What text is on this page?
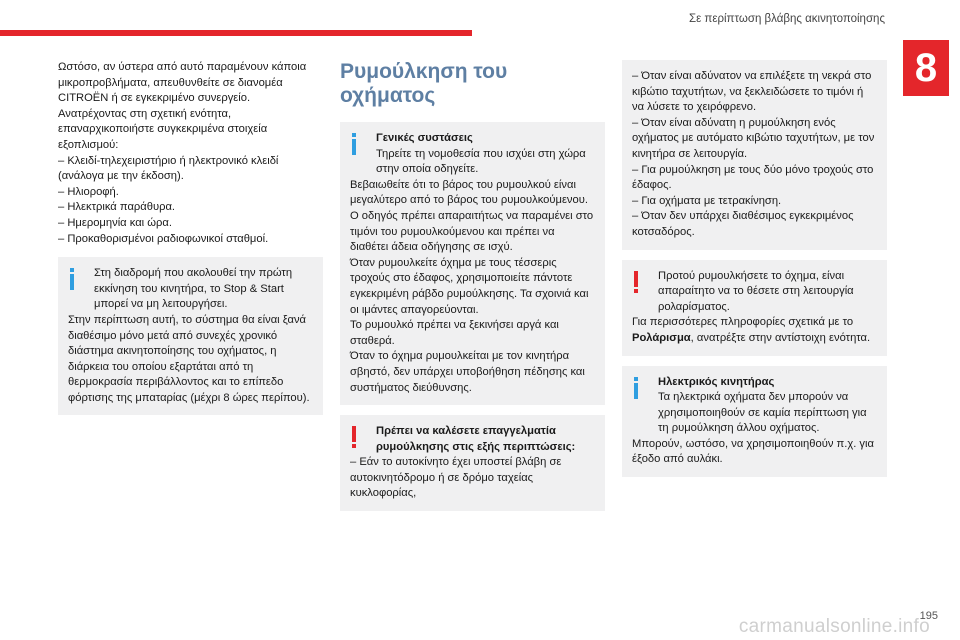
Σε περίπτωση βλάβης ακινητοποίησης
8

Ωστόσο, αν ύστερα από αυτό παραμένουν κάποια μικροπροβλήματα, απευθυνθείτε σε διανομέα CITROËN ή σε εγκεκριμένο συνεργείο.

Ανατρέχοντας στη σχετική ενότητα, επαναρχικοποιήστε συγκεκριμένα στοιχεία εξοπλισμού:

– Κλειδί-τηλεχειριστήριο ή ηλεκτρονικό κλειδί (ανάλογα με την έκδοση).

– Ηλιοροφή.

– Ηλεκτρικά παράθυρα.

– Ημερομηνία και ώρα.

– Προκαθορισμένοι ραδιοφωνικοί σταθμοί.

Στη διαδρομή που ακολουθεί την πρώτη εκκίνηση του κινητήρα, το Stop & Start μπορεί να μη λειτουργήσει.

Στην περίπτωση αυτή, το σύστημα θα είναι ξανά διαθέσιμο μόνο μετά από συνεχές χρονικό διάστημα ακινητοποίησης του οχήματος, η διάρκεια του οποίου εξαρτάται από τη θερμοκρασία περιβάλλοντος και το επίπεδο φόρτισης της μπαταρίας (μέχρι 8 ώρες περίπου).

Ρυμούλκηση του οχήματος

Γενικές συστάσεις

Τηρείτε τη νομοθεσία που ισχύει στη χώρα στην οποία οδηγείτε.

Βεβαιωθείτε ότι το βάρος του ρυμουλκού είναι μεγαλύτερο από το βάρος του ρυμουλκούμενου.

Ο οδηγός πρέπει απαραιτήτως να παραμένει στο τιμόνι του ρυμουλκούμενου και πρέπει να διαθέτει άδεια οδήγησης σε ισχύ.

Όταν ρυμουλκείτε όχημα με τους τέσσερις τροχούς στο έδαφος, χρησιμοποιείτε πάντοτε εγκεκριμένη ράβδο ρυμούλκησης. Τα σχοινιά και οι ιμάντες απαγορεύονται.

Το ρυμουλκό πρέπει να ξεκινήσει αργά και σταθερά.

Όταν το όχημα ρυμουλκείται με τον κινητήρα σβηστό, δεν υπάρχει υποβοήθηση πέδησης και συστήματος διεύθυνσης.

Πρέπει να καλέσετε επαγγελματία ρυμούλκησης στις εξής περιπτώσεις:

– Εάν το αυτοκίνητο έχει υποστεί βλάβη σε αυτοκινητόδρομο ή σε δρόμο ταχείας κυκλοφορίας,

– Όταν είναι αδύνατον να επιλέξετε τη νεκρά στο κιβώτιο ταχυτήτων, να ξεκλειδώσετε το τιμόνι ή να λύσετε το χειρόφρενο.

– Όταν είναι αδύνατη η ρυμούλκηση ενός οχήματος με αυτόματο κιβώτιο ταχυτήτων, με τον κινητήρα σε λειτουργία.

– Για ρυμούλκηση με τους δύο μόνο τροχούς στο έδαφος.

– Για οχήματα με τετρακίνηση.

– Όταν δεν υπάρχει διαθέσιμος εγκεκριμένος κοτσαδόρος.

Προτού ρυμουλκήσετε το όχημα, είναι απαραίτητο να το θέσετε στη λειτουργία ρολαρίσματος.

Για περισσότερες πληροφορίες σχετικά με το Ρολάρισμα, ανατρέξτε στην αντίστοιχη ενότητα.

Ηλεκτρικός κινητήρας

Τα ηλεκτρικά οχήματα δεν μπορούν να χρησιμοποιηθούν σε καμία περίπτωση για τη ρυμούλκηση άλλου οχήματος.

Μπορούν, ωστόσο, να χρησιμοποιηθούν π.χ. για έξοδο από αυλάκι.

195
carmanualsonline.info
